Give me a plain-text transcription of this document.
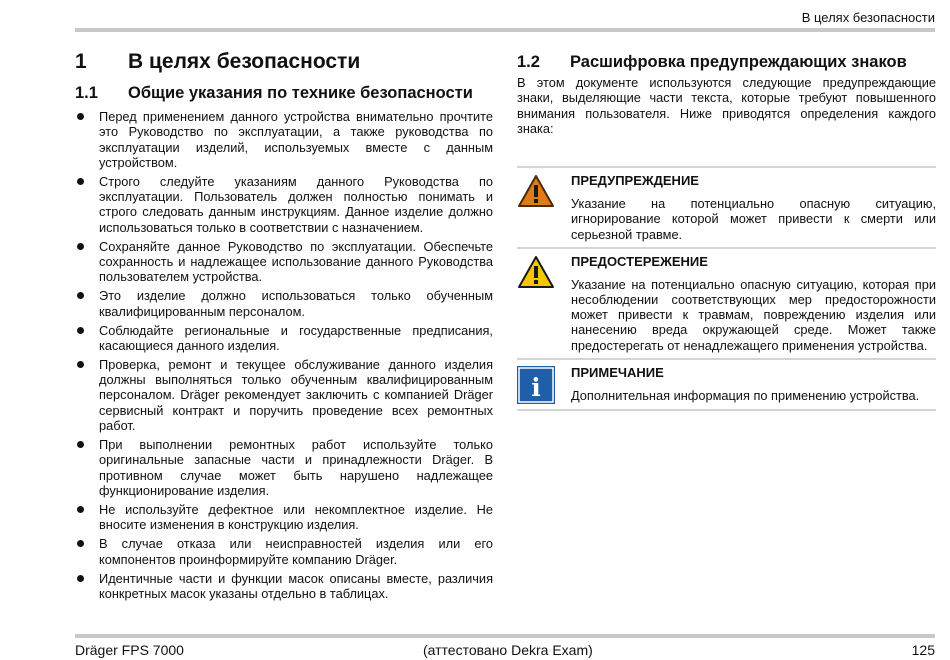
В целях безопасности
1	В целях безопасности
1.1	Общие указания по технике безопасности
Перед применением данного устройства внимательно прочтите это Руководство по эксплуатации, а также руководства по эксплуатации изделий, используемых вместе с данным устройством.
Строго следуйте указаниям данного Руководства по эксплуатации. Пользователь должен полностью понимать и строго следовать данным инструкциям. Данное изделие должно использоваться только в соответствии с назначением.
Сохраняйте данное Руководство по эксплуатации. Обеспечьте сохранность и надлежащее использование данного Руководства пользователем устройства.
Это изделие должно использоваться только обученным квалифицированным персоналом.
Соблюдайте региональные и государственные предписания, касающиеся данного изделия.
Проверка, ремонт и текущее обслуживание данного изделия должны выполняться только обученным квалифицированным персоналом. Dräger рекомендует заключить с компанией Dräger сервисный контракт и поручить проведение всех ремонтных работ.
При выполнении ремонтных работ используйте только оригинальные запасные части и принадлежности Dräger. В противном случае может быть нарушено надлежащее функционирование изделия.
Не используйте дефектное или некомплектное изделие. Не вносите изменения в конструкцию изделия.
В случае отказа или неисправностей изделия или его компонентов проинформируйте компанию Dräger.
Идентичные части и функции масок описаны вместе, различия конкретных масок указаны отдельно в таблицах.
1.2	Расшифровка предупреждающих знаков

В этом документе используются следующие предупреждающие знаки, выделяющие части текста, которые требуют повышенного внимания пользователя. Ниже приводятся определения каждого знака:

ПРЕДУПРЕЖДЕНИЕ
Указание на потенциально опасную ситуацию, игнорирование которой может привести к смерти или серьезной травме.
ПРЕДОСТЕРЕЖЕНИЕ
Указание на потенциально опасную ситуацию, которая при несоблюдении соответствующих мер предосторожности может привести к травмам, повреждению изделия или нанесению вреда окружающей среде. Может также предостерегать от ненадлежащего применения устройства.
i
ПРИМЕЧАНИЕ
Дополнительная информация по применению устройства.
Dräger FPS 7000	(аттестовано Dekra Exam)	125
